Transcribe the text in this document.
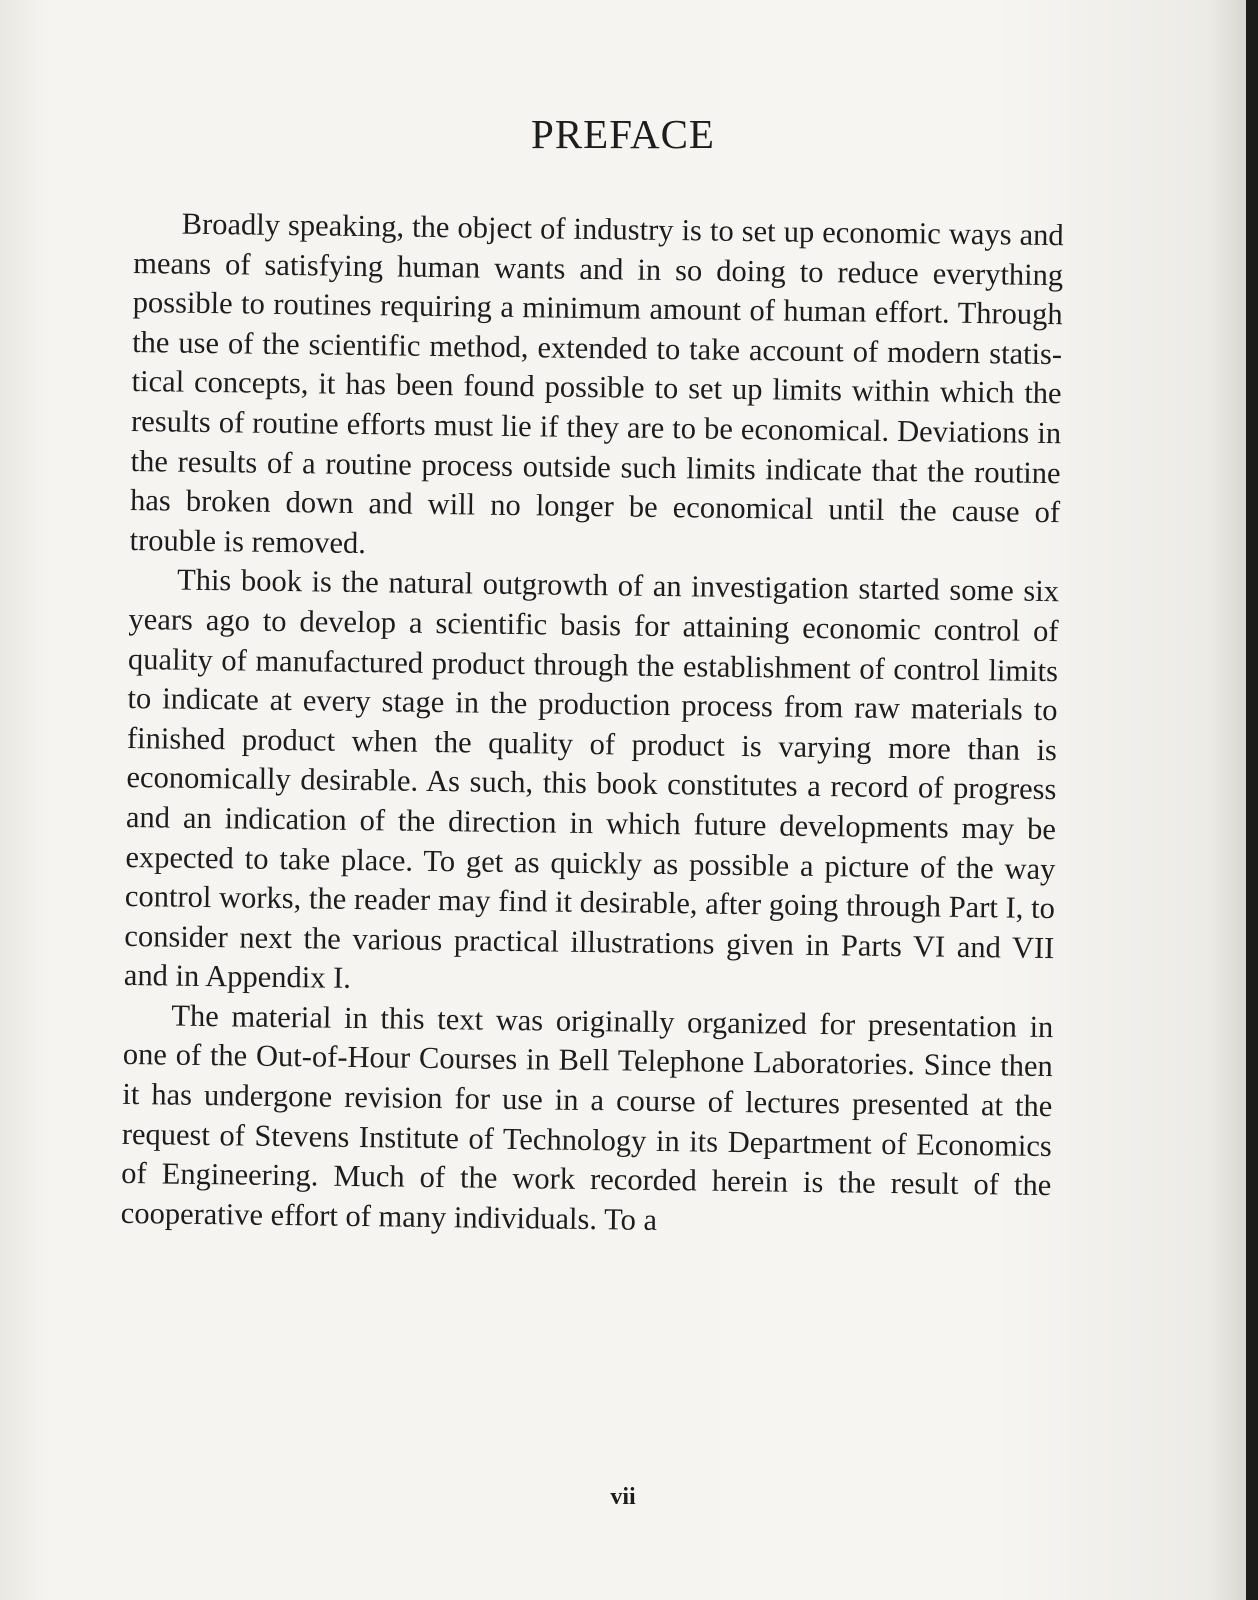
PREFACE

Broadly speaking, the object of industry is to set up economic ways and means of satisfying human wants and in so doing to reduce everything possible to routines requiring a minimum amount of human effort. Through the use of the scientific method, extended to take account of modern statistical concepts, it has been found possible to set up limits within which the results of routine efforts must lie if they are to be economical. Deviations in the results of a routine process outside such limits indicate that the routine has broken down and will no longer be economical until the cause of trouble is removed.

This book is the natural outgrowth of an investigation started some six years ago to develop a scientific basis for attaining economic control of quality of manufactured product through the establishment of control limits to indicate at every stage in the production process from raw materials to finished product when the quality of product is varying more than is economically desirable. As such, this book constitutes a record of progress and an indication of the direction in which future developments may be expected to take place. To get as quickly as possible a picture of the way control works, the reader may find it desirable, after going through Part I, to consider next the various practical illustrations given in Parts VI and VII and in Appendix I.

The material in this text was originally organized for presentation in one of the Out-of-Hour Courses in Bell Telephone Laboratories. Since then it has undergone revision for use in a course of lectures presented at the request of Stevens Institute of Technology in its Department of Economics of Engineering. Much of the work recorded herein is the result of the cooperative effort of many individuals. To a

vii
